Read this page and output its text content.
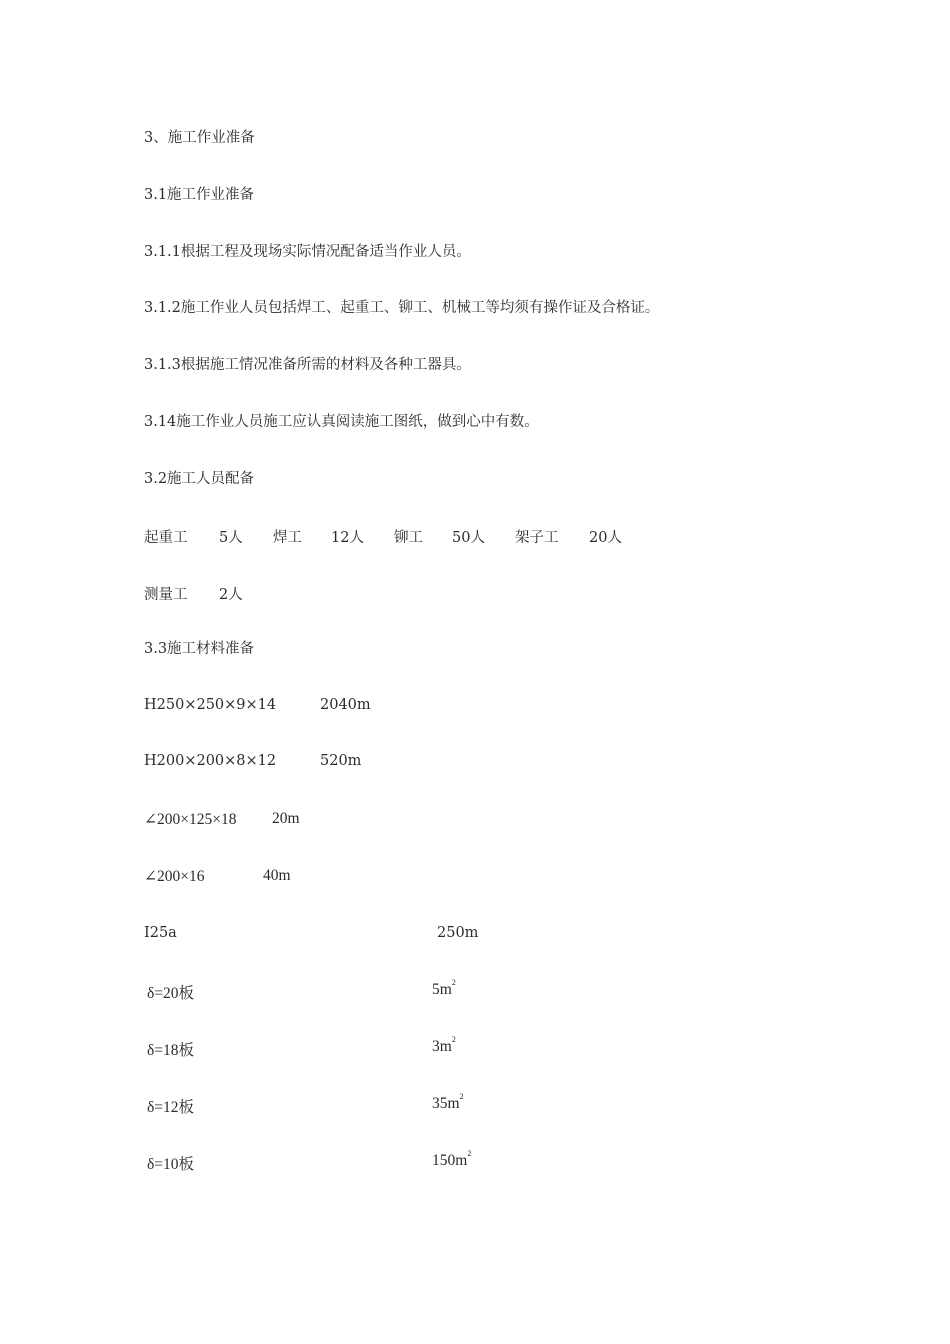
3、施工作业准备
3.1施工作业准备
3.1.1根据工程及现场实际情况配备适当作业人员。
3.1.2施工作业人员包括焊工、起重工、铆工、机械工等均须有操作证及合格证。
3.1.3根据施工情况准备所需的材料及各种工器具。
3.14施工作业人员施工应认真阅读施工图纸，做到心中有数。
3.2施工人员配备
起重工 5人 焊工 12人 铆工 50人 架子工 20人
测量工 2人
3.3施工材料准备
H250×250×9×14	2040m
H200×200×8×12	520m
∠200×125×18 20m
∠200×16	40m
I25a	250m
δ=20板	$5m^2$
δ=18板	$3m^2$
δ=12板	$35m^2$
δ=10板	$150m^2$
